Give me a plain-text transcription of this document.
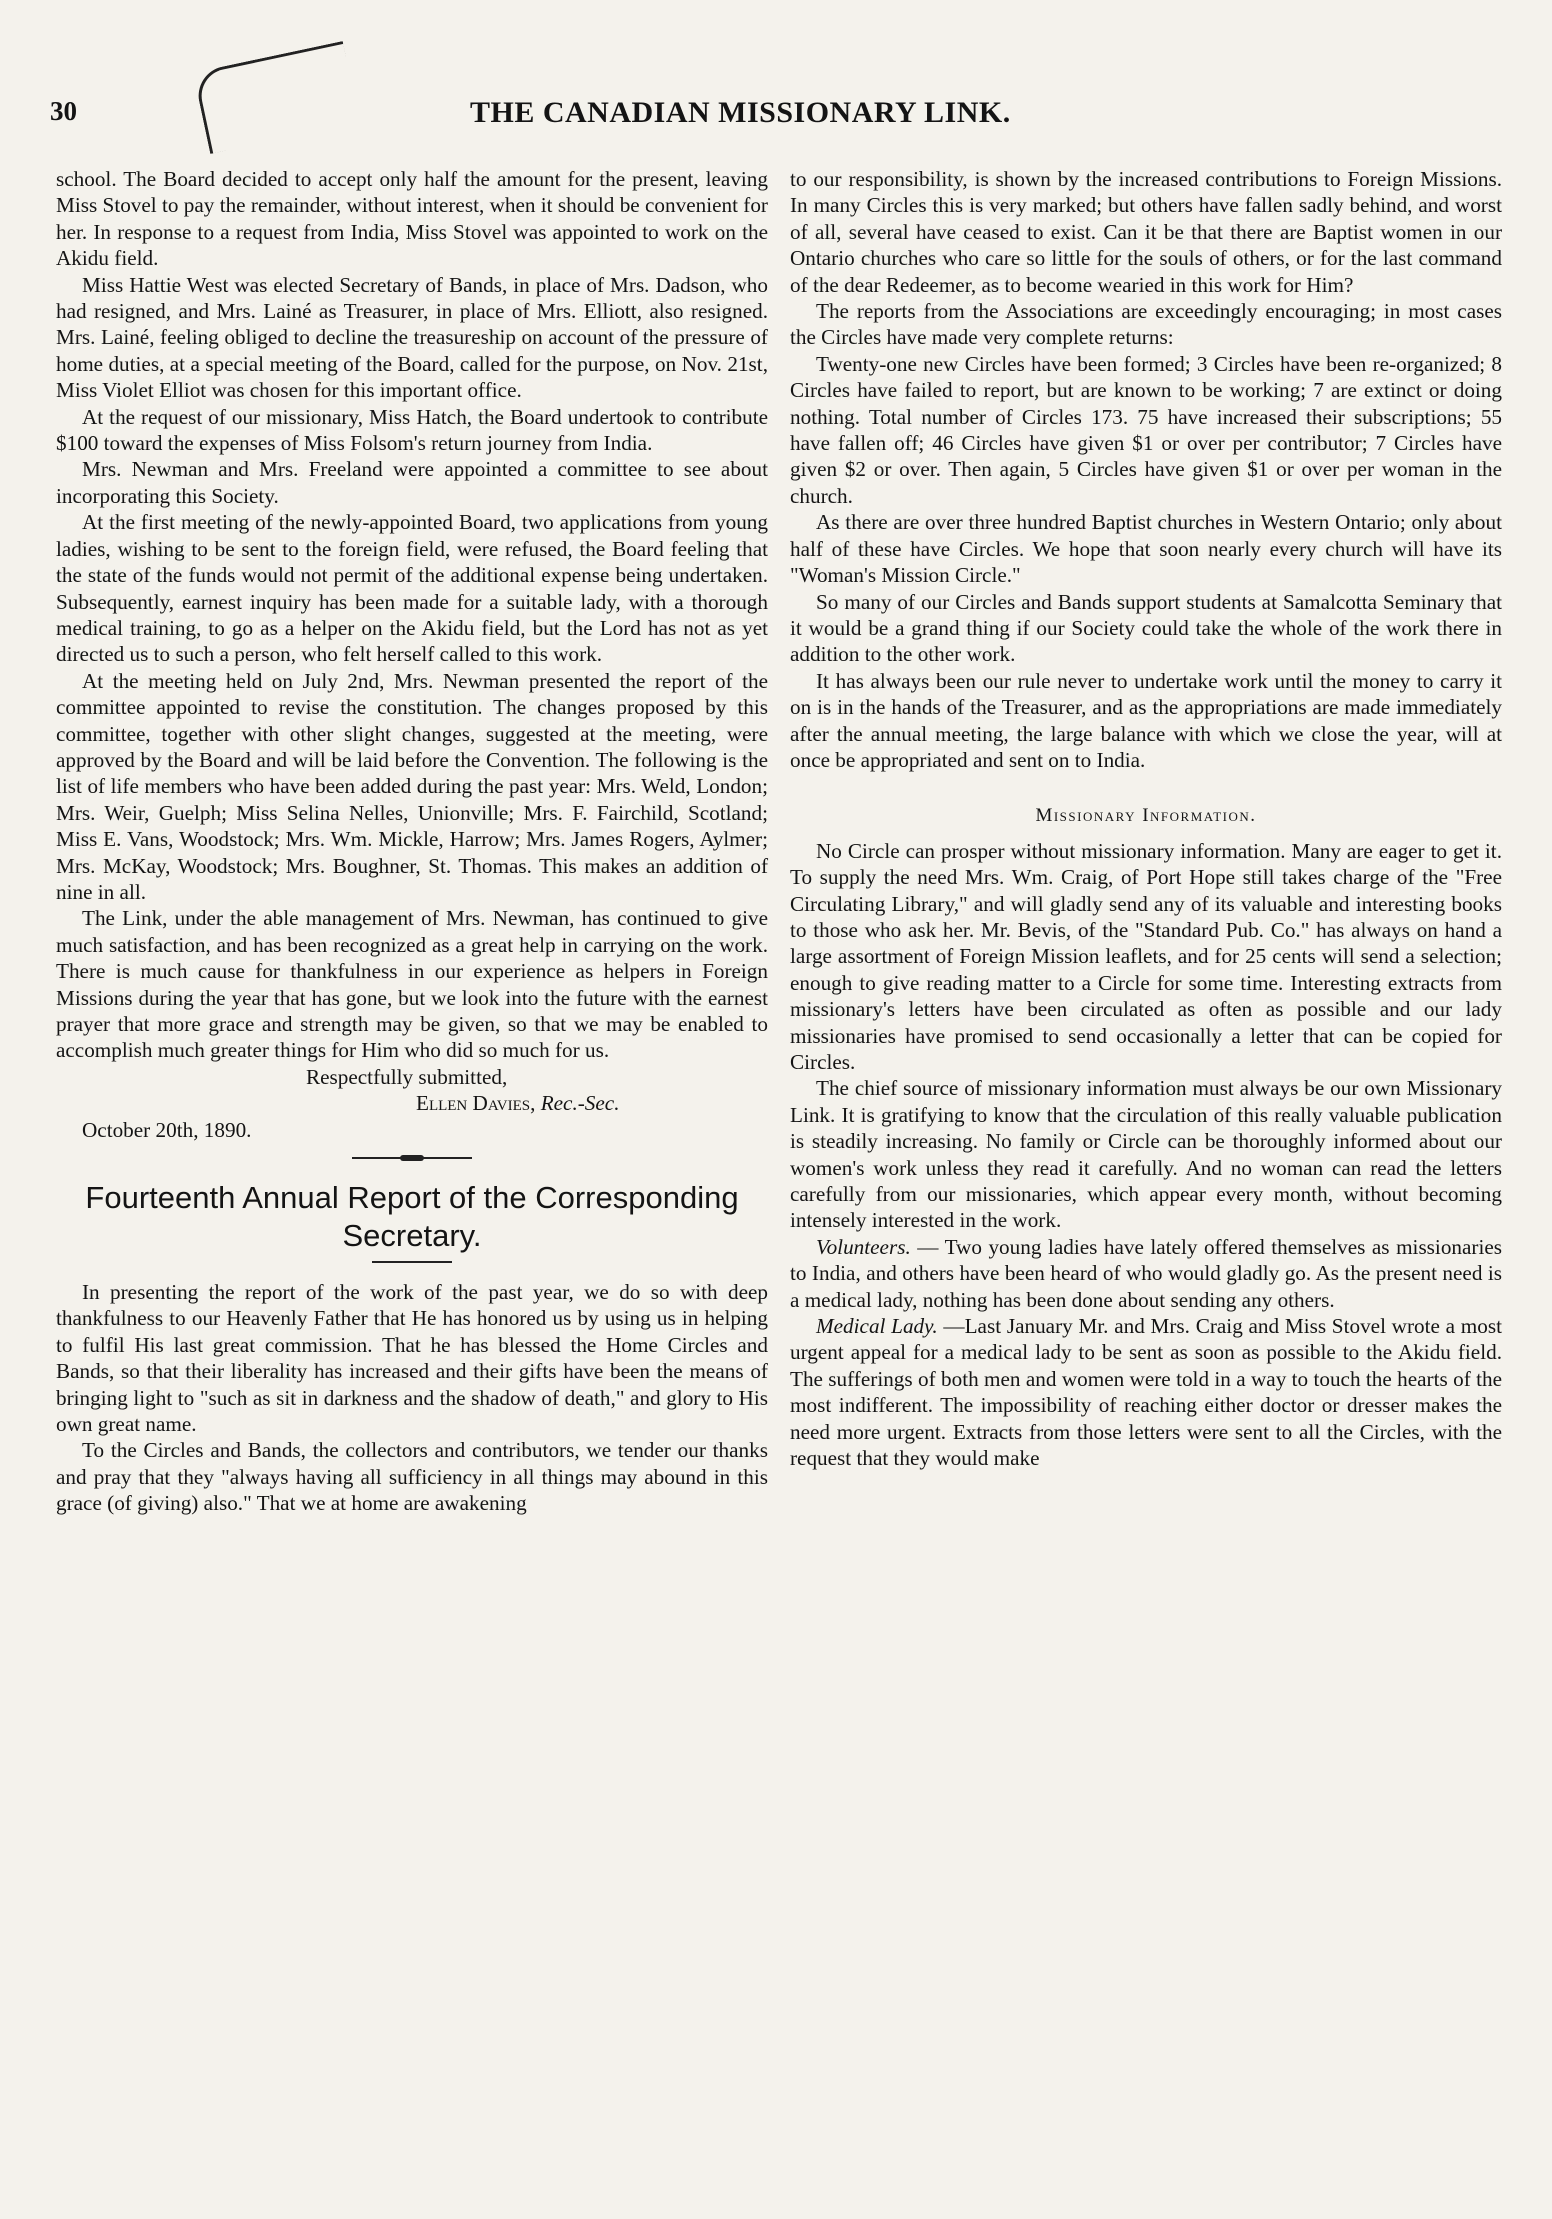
30	THE CANADIAN MISSIONARY LINK.

school. The Board decided to accept only half the amount for the present, leaving Miss Stovel to pay the remainder, without interest, when it should be convenient for her. In response to a request from India, Miss Stovel was appointed to work on the Akidu field.

Miss Hattie West was elected Secretary of Bands, in place of Mrs. Dadson, who had resigned, and Mrs. Lainé as Treasurer, in place of Mrs. Elliott, also resigned. Mrs. Lainé, feeling obliged to decline the treasureship on account of the pressure of home duties, at a special meeting of the Board, called for the purpose, on Nov. 21st, Miss Violet Elliot was chosen for this important office.

At the request of our missionary, Miss Hatch, the Board undertook to contribute $100 toward the expenses of Miss Folsom's return journey from India.

Mrs. Newman and Mrs. Freeland were appointed a committee to see about incorporating this Society.

At the first meeting of the newly-appointed Board, two applications from young ladies, wishing to be sent to the foreign field, were refused, the Board feeling that the state of the funds would not permit of the additional expense being undertaken. Subsequently, earnest inquiry has been made for a suitable lady, with a thorough medical training, to go as a helper on the Akidu field, but the Lord has not as yet directed us to such a person, who felt herself called to this work.

At the meeting held on July 2nd, Mrs. Newman presented the report of the committee appointed to revise the constitution. The changes proposed by this committee, together with other slight changes, suggested at the meeting, were approved by the Board and will be laid before the Convention. The following is the list of life members who have been added during the past year: Mrs. Weld, London; Mrs. Weir, Guelph; Miss Selina Nelles, Unionville; Mrs. F. Fairchild, Scotland; Miss E. Vans, Woodstock; Mrs. Wm. Mickle, Harrow; Mrs. James Rogers, Aylmer; Mrs. McKay, Woodstock; Mrs. Boughner, St. Thomas. This makes an addition of nine in all.

The Link, under the able management of Mrs. Newman, has continued to give much satisfaction, and has been recognized as a great help in carrying on the work. There is much cause for thankfulness in our experience as helpers in Foreign Missions during the year that has gone, but we look into the future with the earnest prayer that more grace and strength may be given, so that we may be enabled to accomplish much greater things for Him who did so much for us.

Respectfully submitted,

Ellen Davies, Rec.-Sec.

October 20th, 1890.

Fourteenth Annual Report of the Corresponding Secretary.

In presenting the report of the work of the past year, we do so with deep thankfulness to our Heavenly Father that He has honored us by using us in helping to fulfil His last great commission. That he has blessed the Home Circles and Bands, so that their liberality has increased and their gifts have been the means of bringing light to "such as sit in darkness and the shadow of death," and glory to His own great name.

To the Circles and Bands, the collectors and contributors, we tender our thanks and pray that they "always having all sufficiency in all things may abound in this grace (of giving) also." That we at home are awakening

to our responsibility, is shown by the increased contributions to Foreign Missions. In many Circles this is very marked; but others have fallen sadly behind, and worst of all, several have ceased to exist. Can it be that there are Baptist women in our Ontario churches who care so little for the souls of others, or for the last command of the dear Redeemer, as to become wearied in this work for Him?

The reports from the Associations are exceedingly encouraging; in most cases the Circles have made very complete returns:

Twenty-one new Circles have been formed; 3 Circles have been re-organized; 8 Circles have failed to report, but are known to be working; 7 are extinct or doing nothing. Total number of Circles 173. 75 have increased their subscriptions; 55 have fallen off; 46 Circles have given $1 or over per contributor; 7 Circles have given $2 or over. Then again, 5 Circles have given $1 or over per woman in the church.

As there are over three hundred Baptist churches in Western Ontario; only about half of these have Circles. We hope that soon nearly every church will have its "Woman's Mission Circle."

So many of our Circles and Bands support students at Samalcotta Seminary that it would be a grand thing if our Society could take the whole of the work there in addition to the other work.

It has always been our rule never to undertake work until the money to carry it on is in the hands of the Treasurer, and as the appropriations are made immediately after the annual meeting, the large balance with which we close the year, will at once be appropriated and sent on to India.

Missionary Information.

No Circle can prosper without missionary information. Many are eager to get it. To supply the need Mrs. Wm. Craig, of Port Hope still takes charge of the "Free Circulating Library," and will gladly send any of its valuable and interesting books to those who ask her. Mr. Bevis, of the "Standard Pub. Co." has always on hand a large assortment of Foreign Mission leaflets, and for 25 cents will send a selection; enough to give reading matter to a Circle for some time. Interesting extracts from missionary's letters have been circulated as often as possible and our lady missionaries have promised to send occasionally a letter that can be copied for Circles.

The chief source of missionary information must always be our own Missionary Link. It is gratifying to know that the circulation of this really valuable publication is steadily increasing. No family or Circle can be thoroughly informed about our women's work unless they read it carefully. And no woman can read the letters carefully from our missionaries, which appear every month, without becoming intensely interested in the work.

Volunteers. — Two young ladies have lately offered themselves as missionaries to India, and others have been heard of who would gladly go. As the present need is a medical lady, nothing has been done about sending any others.

Medical Lady. —Last January Mr. and Mrs. Craig and Miss Stovel wrote a most urgent appeal for a medical lady to be sent as soon as possible to the Akidu field. The sufferings of both men and women were told in a way to touch the hearts of the most indifferent. The impossibility of reaching either doctor or dresser makes the need more urgent. Extracts from those letters were sent to all the Circles, with the request that they would make
